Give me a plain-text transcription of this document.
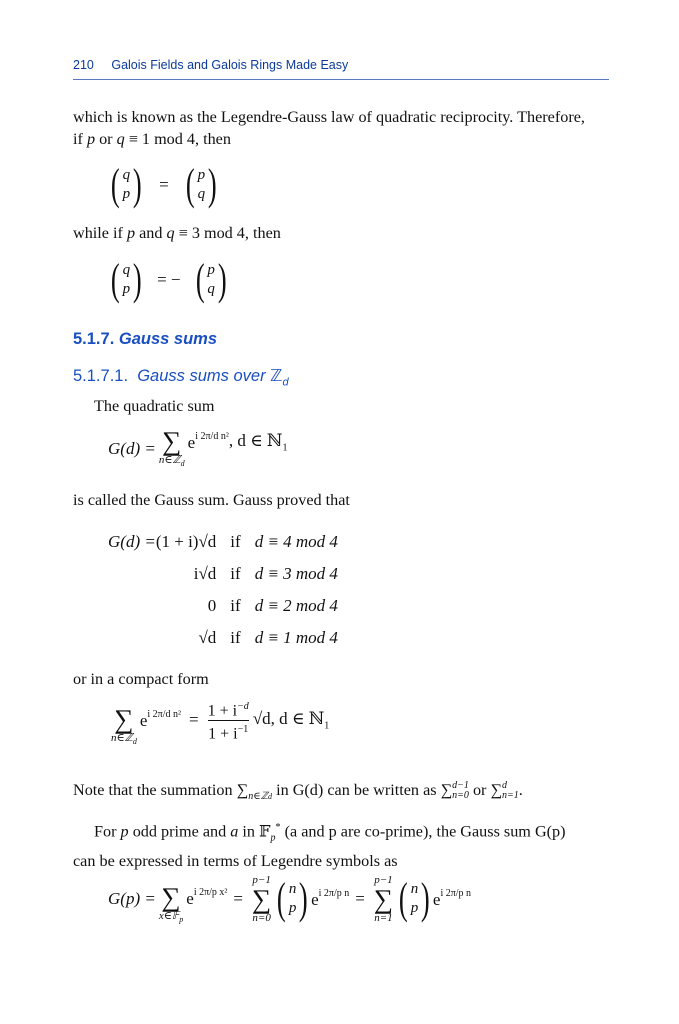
210 Galois Fields and Galois Rings Made Easy
which is known as the Legendre-Gauss law of quadratic reciprocity. Therefore,
if p or q ≡ 1 mod 4, then
( q
p ) = ( p
q )
while if p and q ≡ 3 mod 4, then
( q
p ) = − ( p
q )
5.1.7. Gauss sums
5.1.7.1. Gauss sums over ℤ$_d$
The quadratic sum
G(d) = ∑
n∈ℤ$_d$
$e^{i 2\pi/d n^2}$ , d ∈ ℕ$_1$
is called the Gauss sum. Gauss proved that
G(d) =	(1 + i)√d	if	d ≡ 4 mod 4
	i√d	if	d ≡ 3 mod 4
	0	if	d ≡ 2 mod 4
	√d	if	d ≡ 1 mod 4
or in a compact form
∑
n∈ℤ$_d$
$e^{i 2\pi/d n^2} = \frac{1 + i^{-d}}{1 + i^{-1}} √d$, d ∈ ℕ$_1$
Note that the summation $\sum_{n\in ℤd}$ in G(d) can be written as ∑ d−1
n=0 or ∑ d
n=1 .
For p odd prime and a in 𝔽$_p$* (a and p are co-prime), the Gauss sum G(p)
can be expressed in terms of Legendre symbols as
G(p) =
∑
x∈𝔽$_p$
$e^{i 2\pi/p x^2}$ =
p−1
∑
n=0 ( n
p ) $e^{i 2\pi/p n}$ =
p−1
∑
n=1 ( n
p ) $e^{i 2\pi/p n}$
